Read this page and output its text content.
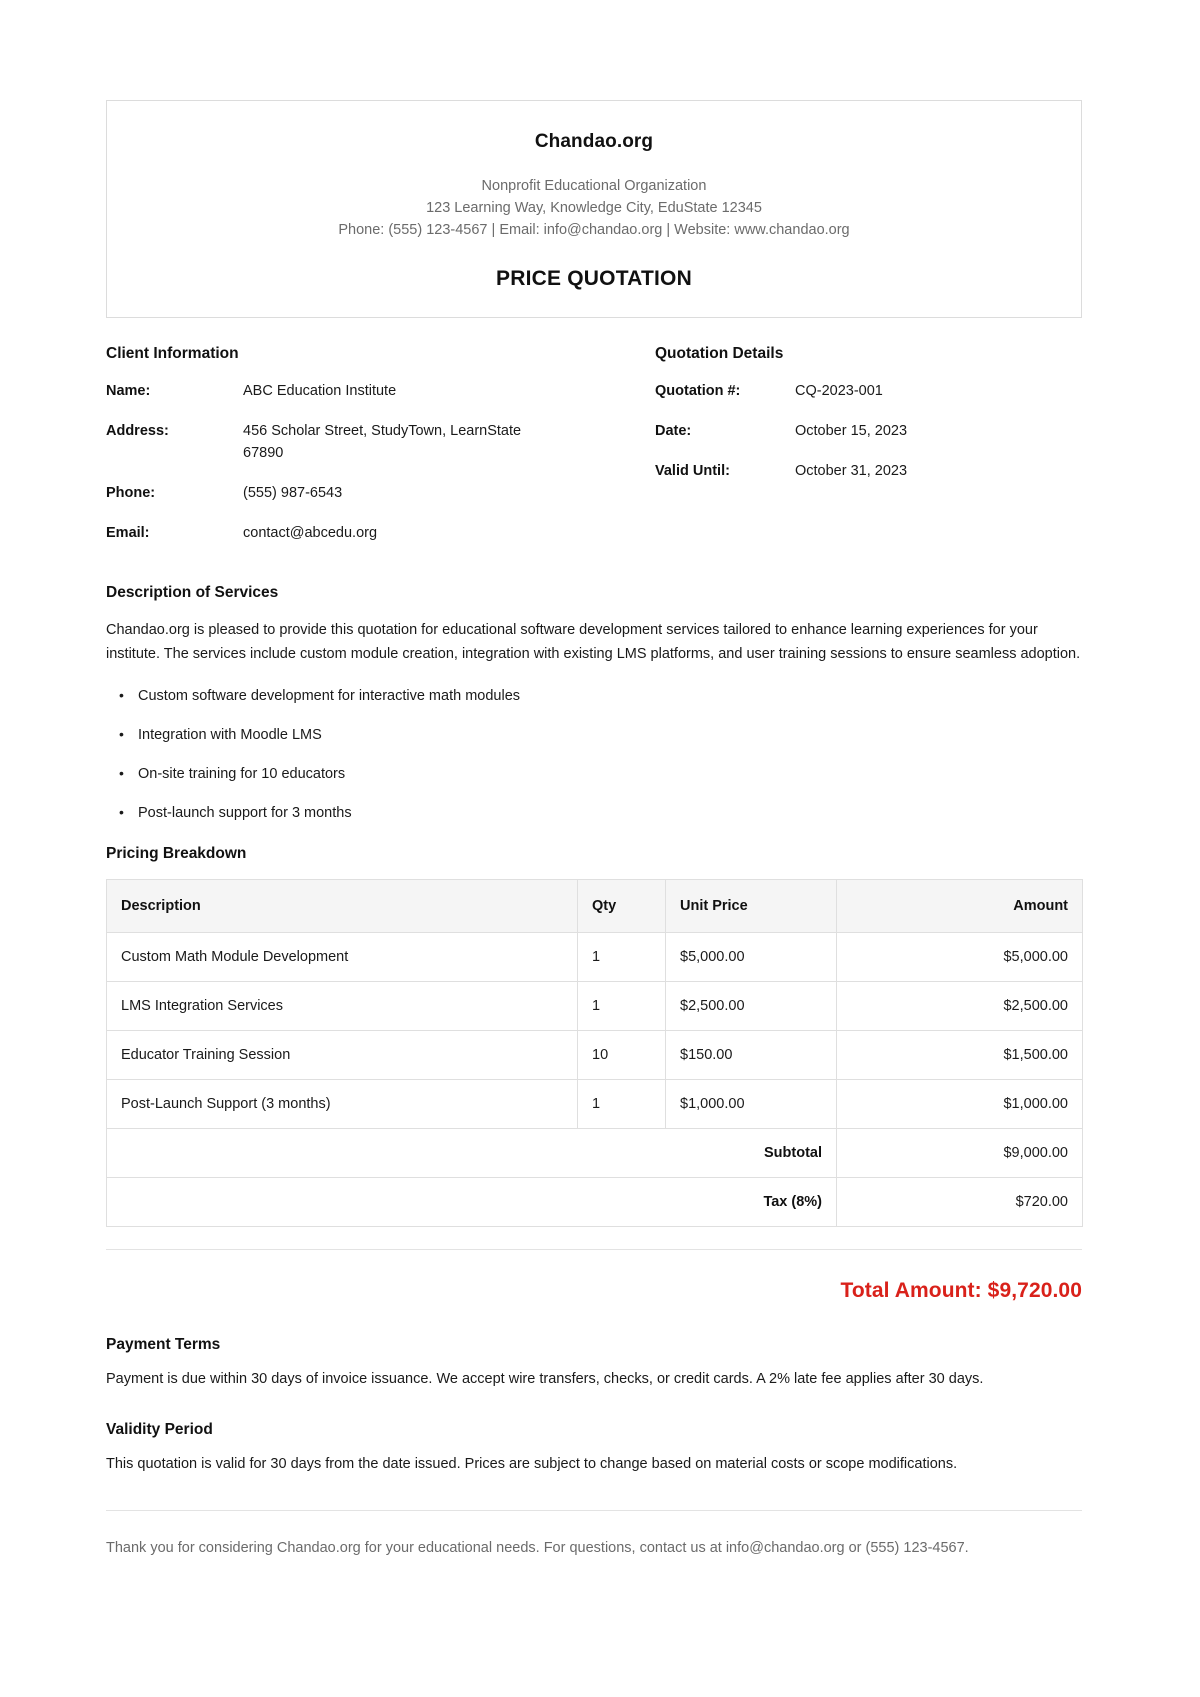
Chandao.org
Nonprofit Educational Organization
123 Learning Way, Knowledge City, EduState 12345
Phone: (555) 123-4567 | Email: info@chandao.org | Website: www.chandao.org
PRICE QUOTATION
Client Information
Name:	ABC Education Institute
Address:	456 Scholar Street, StudyTown, LearnState 67890
Phone:	(555) 987-6543
Email:	contact@abcedu.org
Quotation Details
Quotation #:	CQ-2023-001
Date:	October 15, 2023
Valid Until:	October 31, 2023
Description of Services

Chandao.org is pleased to provide this quotation for educational software development services tailored to enhance learning experiences for your institute. The services include custom module creation, integration with existing LMS platforms, and user training sessions to ensure seamless adoption.

• Custom software development for interactive math modules
• Integration with Moodle LMS
• On-site training for 10 educators
• Post-launch support for 3 months
Pricing Breakdown
Description	Qty	Unit Price	Amount
Custom Math Module Development	1	$5,000.00	$5,000.00
LMS Integration Services	1	$2,500.00	$2,500.00
Educator Training Session	10	$150.00	$1,500.00
Post-Launch Support (3 months)	1	$1,000.00	$1,000.00
Subtotal			$9,000.00
Tax (8%)			$720.00
Total Amount: $9,720.00
Payment Terms

Payment is due within 30 days of invoice issuance. We accept wire transfers, checks, or credit cards. A 2% late fee applies after 30 days.

Validity Period

This quotation is valid for 30 days from the date issued. Prices are subject to change based on material costs or scope modifications.

Thank you for considering Chandao.org for your educational needs. For questions, contact us at info@chandao.org or (555) 123-4567.
